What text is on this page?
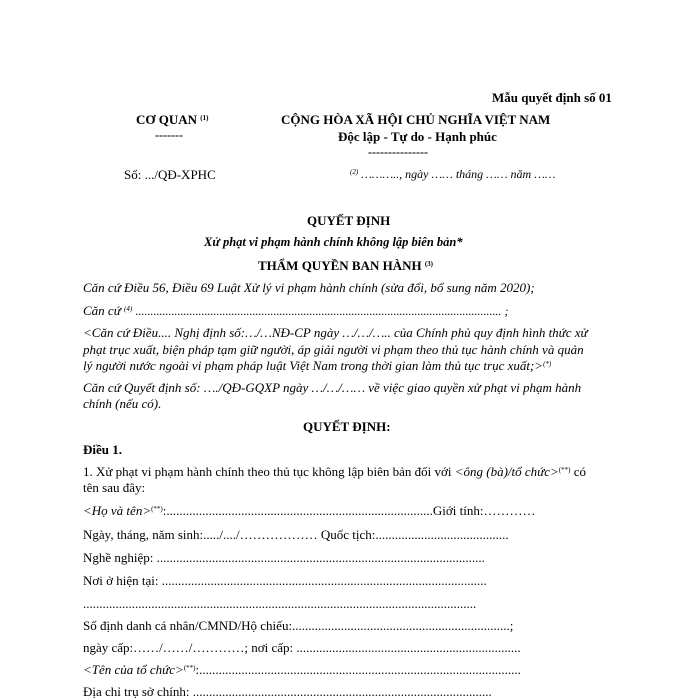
Mẫu quyết định số 01
CƠ QUAN $^{(1)}$
-------
CỘNG HÒA XÃ HỘI CHỦ NGHĨA VIỆT NAM
Độc lập - Tự do - Hạnh phúc
---------------
Số: .../QĐ-XPHC	$^{(2)}$ ……….., ngày …… tháng …… năm ……
QUYẾT ĐỊNH
Xử phạt vi phạm hành chính không lập biên bản*
THẨM QUYỀN BAN HÀNH $^{(3)}$
Căn cứ Điều 56, Điều 69 Luật Xử lý vi phạm hành chính (sửa đổi, bổ sung năm 2020);
Căn cứ $^{(4)}$ .......................................................................................................................... ;
<Căn cứ Điều.... Nghị định số:…/…NĐ-CP ngày …/…/….. của Chính phủ quy định hình thức xử
phạt trục xuất, biện pháp tạm giữ người, áp giải người vi phạm theo thủ tục hành chính và quản
lý người nước ngoài vi phạm pháp luật Việt Nam trong thời gian làm thủ tục trục xuất;>(*)
Căn cứ Quyết định số: …./QĐ-GQXP ngày …/…/…… về việc giao quyền xử phạt vi phạm hành
chính (nếu có).
QUYẾT ĐỊNH:
Điều 1.
1. Xử phạt vi phạm hành chính theo thủ tục không lập biên bản đối với <ông (bà)/tổ chức>(**) có
tên sau đây:
<Họ và tên>(**):..................................................................................Giới tính:…………
Ngày, tháng, năm sinh:...../..../……………… Quốc tịch:.........................................
Nghề nghiệp: .....................................................................................................
Nơi ở hiện tại: ....................................................................................................
.........................................................................................................................
Số định danh cá nhân/CMND/Hộ chiếu:...................................................................;
ngày cấp:……/……/…………; nơi cấp: .....................................................................
<Tên của tổ chức>(**):...................................................................................................
Địa chỉ trụ sở chính: ............................................................................................
